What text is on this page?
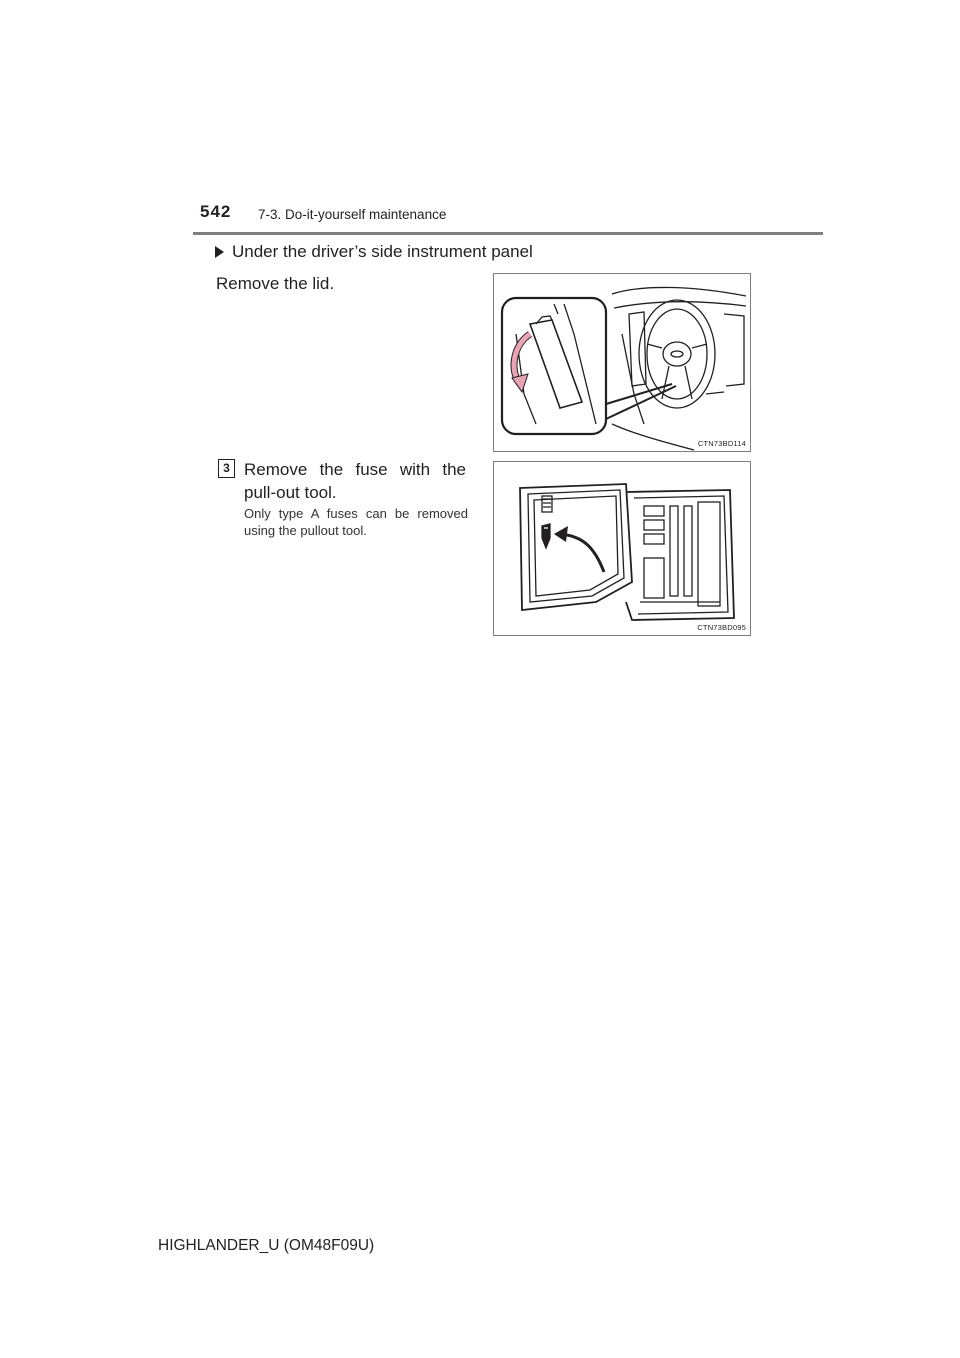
542 7-3. Do-it-yourself maintenance
Under the driver’s side instrument panel
Remove the lid.
CTN73BD114
3 Remove the fuse with the pull-out tool.
Only type A fuses can be removed using the pullout tool.
CTN73BD095
HIGHLANDER_U (OM48F09U)
